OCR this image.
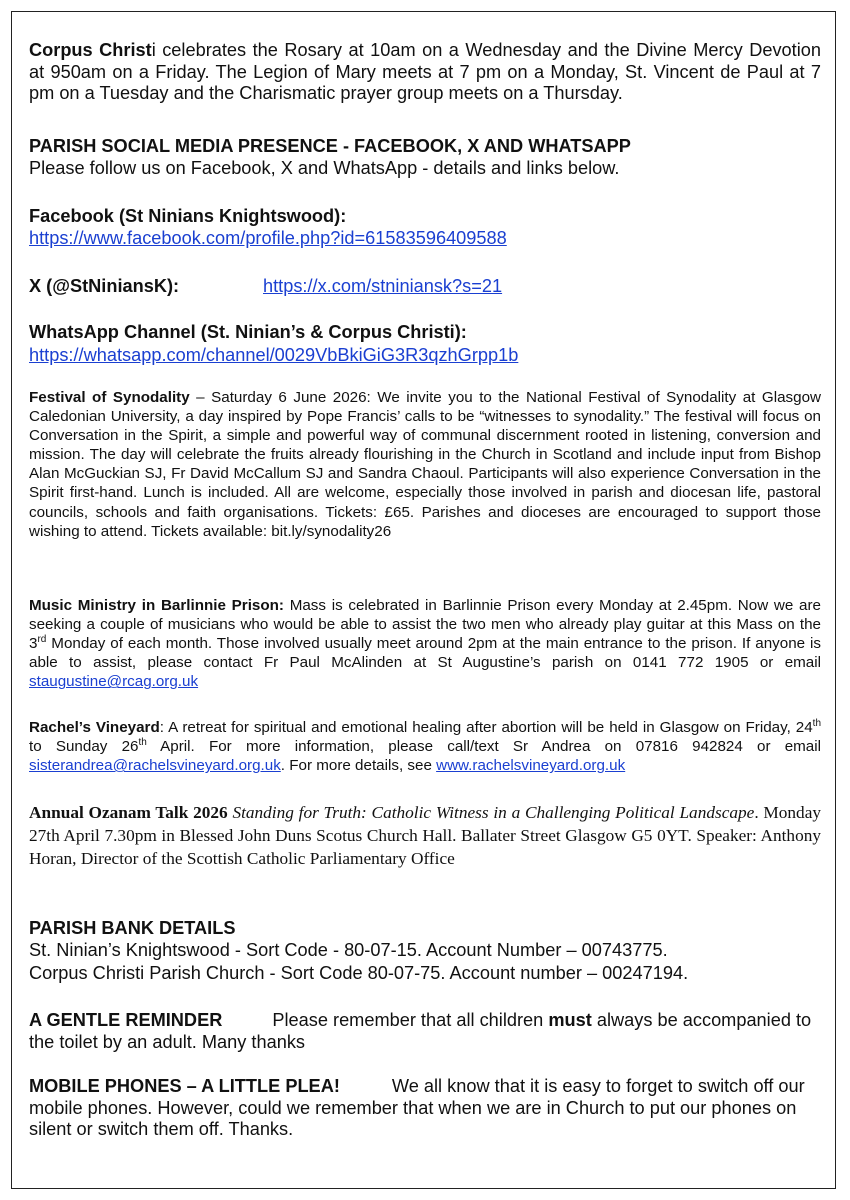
Corpus Christi celebrates the Rosary at 10am on a Wednesday and the Divine Mercy Devotion at 950am on a Friday. The Legion of Mary meets at 7 pm on a Monday, St. Vincent de Paul at 7 pm on a Tuesday and the Charismatic prayer group meets on a Thursday.

PARISH SOCIAL MEDIA PRESENCE - FACEBOOK, X AND WHATSAPP

Please follow us on Facebook, X and WhatsApp - details and links below.

Facebook (St Ninians Knightswood):

https://www.facebook.com/profile.php?id=61583596409588

X (@StNiniansK):	https://x.com/stniniansk?s=21

WhatsApp Channel (St. Ninian’s & Corpus Christi):

https://whatsapp.com/channel/0029VbBkiGiG3R3qzhGrpp1b

Festival of Synodality – Saturday 6 June 2026: We invite you to the National Festival of Synodality at Glasgow Caledonian University, a day inspired by Pope Francis’ calls to be “witnesses to synodality.” The festival will focus on Conversation in the Spirit, a simple and powerful way of communal discernment rooted in listening, conversion and mission. The day will celebrate the fruits already flourishing in the Church in Scotland and include input from Bishop Alan McGuckian SJ, Fr David McCallum SJ and Sandra Chaoul. Participants will also experience Conversation in the Spirit first-hand. Lunch is included. All are welcome, especially those involved in parish and diocesan life, pastoral councils, schools and faith organisations. Tickets: £65. Parishes and dioceses are encouraged to support those wishing to attend. Tickets available: bit.ly/synodality26

Music Ministry in Barlinnie Prison: Mass is celebrated in Barlinnie Prison every Monday at 2.45pm. Now we are seeking a couple of musicians who would be able to assist the two men who already play guitar at this Mass on the 3rd Monday of each month. Those involved usually meet around 2pm at the main entrance to the prison. If anyone is able to assist, please contact Fr Paul McAlinden at St Augustine’s parish on 0141 772 1905 or email staugustine@rcag.org.uk

Rachel’s Vineyard: A retreat for spiritual and emotional healing after abortion will be held in Glasgow on Friday, 24th to Sunday 26th April. For more information, please call/text Sr Andrea on 07816 942824 or email sisterandrea@rachelsvineyard.org.uk. For more details, see www.rachelsvineyard.org.uk

Annual Ozanam Talk 2026 Standing for Truth: Catholic Witness in a Challenging Political Landscape. Monday 27th April 7.30pm in Blessed John Duns Scotus Church Hall. Ballater Street Glasgow G5 0YT. Speaker: Anthony Horan, Director of the Scottish Catholic Parliamentary Office

PARISH BANK DETAILS

St. Ninian’s Knightswood - Sort Code - 80-07-15. Account Number – 00743775.

Corpus Christi Parish Church - Sort Code 80-07-75. Account number – 00247194.

A GENTLE REMINDER	Please remember that all children must always be accompanied to the toilet by an adult. Many thanks

MOBILE PHONES – A LITTLE PLEA!	We all know that it is easy to forget to switch off our mobile phones. However, could we remember that when we are in Church to put our phones on silent or switch them off. Thanks.
